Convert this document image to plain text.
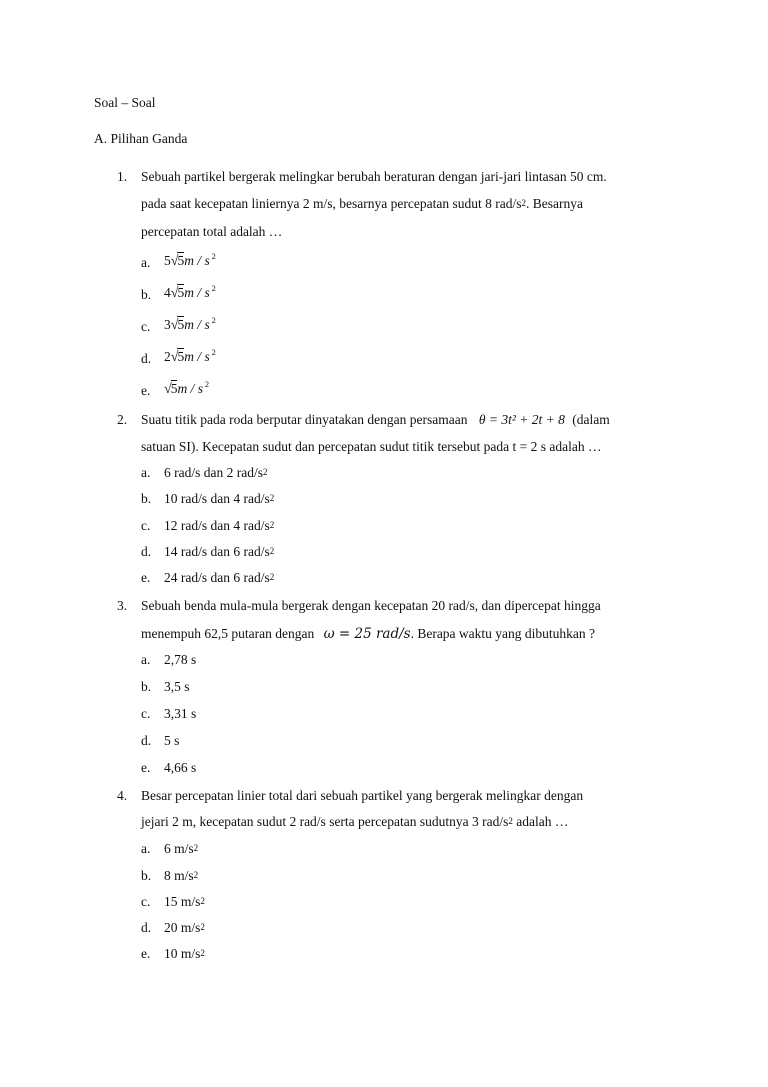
Soal – Soal
A. Pilihan Ganda
1. Sebuah partikel bergerak melingkar berubah beraturan dengan jari-jari lintasan 50 cm.
pada saat kecepatan liniernya 2 m/s, besarnya percepatan sudut 8 rad/$s^2$. Besarnya
percepatan total adalah …
a. 5√5m / s $^2$
b. 4√5m / s $^2$
c. 3√5m / s $^2$
d. 2√5m / s $^2$
e. √5m / s $^2$
2. Suatu titik pada roda berputar dinyatakan dengan persamaan θ = 3t² + 2t + 8 (dalam
satuan SI). Kecepatan sudut dan percepatan sudut titik tersebut pada t = 2 s adalah …
a. 6 rad/s dan 2 rad/$s^2$
b. 10 rad/s dan 4 rad/$s^2$
c. 12 rad/s dan 4 rad/$s^2$
d. 14 rad/s dan 6 rad/$s^2$
e. 24 rad/s dan 6 rad/$s^2$
3. Sebuah benda mula-mula bergerak dengan kecepatan 20 rad/s, dan dipercepat hingga
menempuh 62,5 putaran dengan ω = 25 rad/s. Berapa waktu yang dibutuhkan ?
a. 2,78 s
b. 3,5 s
c. 3,31 s
d. 5 s
e. 4,66 s
4. Besar percepatan linier total dari sebuah partikel yang bergerak melingkar dengan
jejari 2 m, kecepatan sudut 2 rad/s serta percepatan sudutnya 3 rad/$s^2$ adalah …
a. 6 $m/s^2$
b. 8 $m/s^2$
c. 15 $m/s^2$
d. 20 $m/s^2$
e. 10 $m/s^2$
